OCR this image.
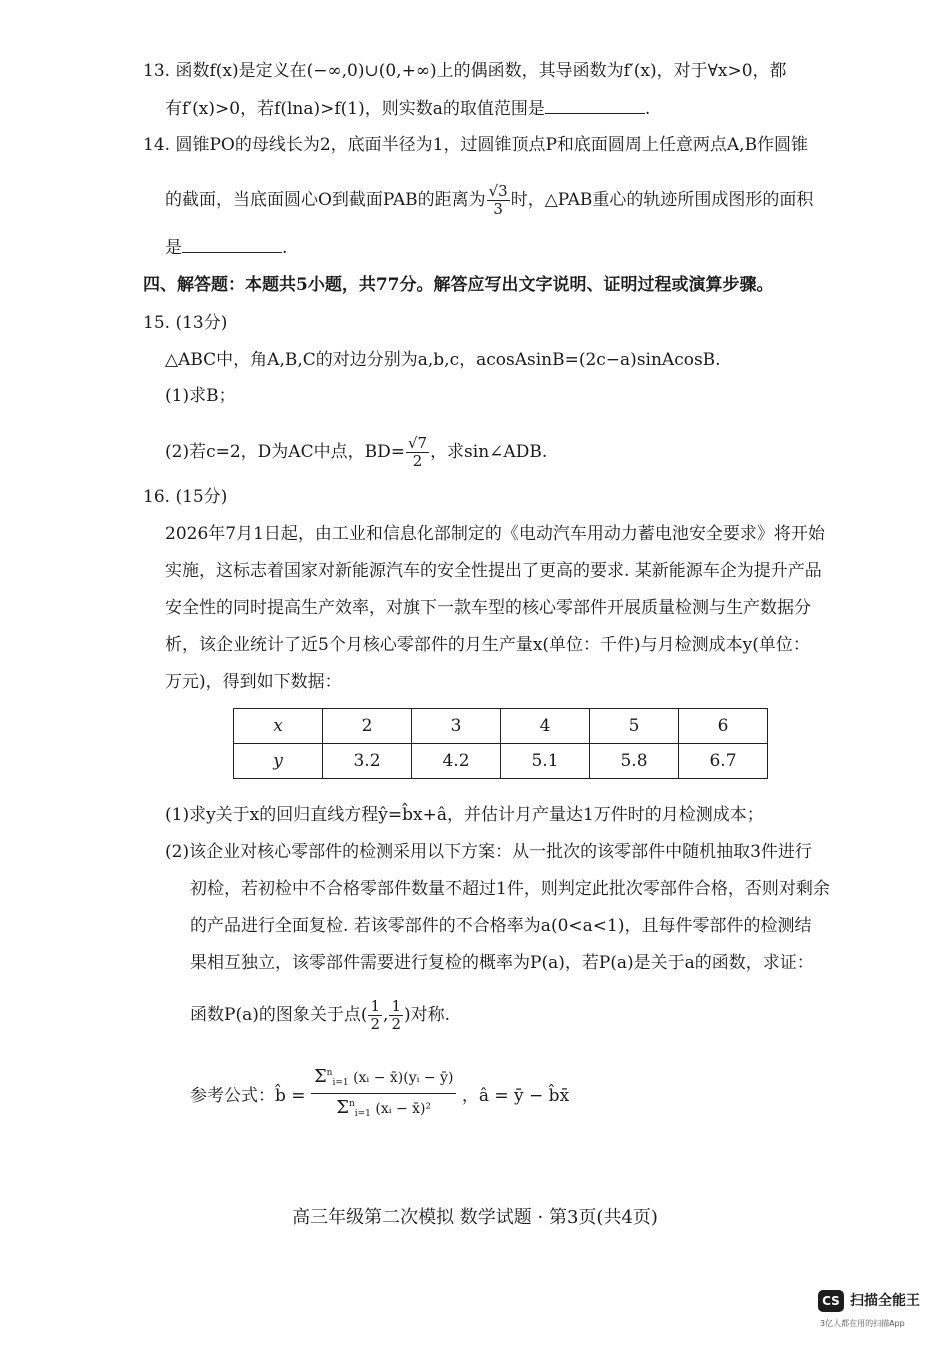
13. 函数f(x)是定义在(−∞,0)∪(0,+∞)上的偶函数，其导函数为f′(x)，对于∀x>0，都
有f′(x)>0，若f(lna)>f(1)，则实数a的取值范围是	.
14. 圆锥PO的母线长为2，底面半径为1，过圆锥顶点P和底面圆周上任意两点A,B作圆锥
的截面，当底面圆心O到截面PAB的距离为 $\frac{√3}{3}$ 时，△PAB重心的轨迹所围成图形的面积
是	.
四、解答题：本题共5小题，共77分。解答应写出文字说明、证明过程或演算步骤。
15. (13分)
△ABC中，角A,B,C的对边分别为a,b,c，acosAsinB=(2c−a)sinAcosB.
(1)求B；
(2)若c=2，D为AC中点，$BD= \frac{√7}{2}$ ，求sin∠ADB.
16. (15分)
2026年7月1日起，由工业和信息化部制定的《电动汽车用动力蓄电池安全要求》将开始
实施，这标志着国家对新能源汽车的安全性提出了更高的要求. 某新能源车企为提升产品
安全性的同时提高生产效率，对旗下一款车型的核心零部件开展质量检测与生产数据分
析，该企业统计了近5个月核心零部件的月生产量x(单位：千件)与月检测成本y(单位：
万元)，得到如下数据：
x	2	3	4	5	6
y	3.2	4.2	5.1	5.8	6.7
(1)求y关于x的回归直线方程ŷ=b̂x+â，并估计月产量达1万件时的月检测成本；
(2)该企业对核心零部件的检测采用以下方案：从一批次的该零部件中随机抽取3件进行
初检，若初检中不合格零部件数量不超过1件，则判定此批次零部件合格，否则对剩余
的产品进行全面复检. 若该零部件的不合格率为a(0<a<1)，且每件零部件的检测结
果相互独立，该零部件需要进行复检的概率为P(a)，若P(a)是关于a的函数，求证：
函数P(a)的图象关于点( $\frac{1}{2}$ , $\frac{1}{2}$ )对称.
参考公式：b̂ = $\frac{\Sigma^n_{i=1} (xᵢ - x̄)(yᵢ - ȳ)}{\Sigma^n_{i=1} (xᵢ - x̄)^2}$ ，â = ȳ − b̂x̄
高三年级第二次模拟 数学试题 · 第3页(共4页)
CS 扫描全能王
3亿人都在用的扫描App
